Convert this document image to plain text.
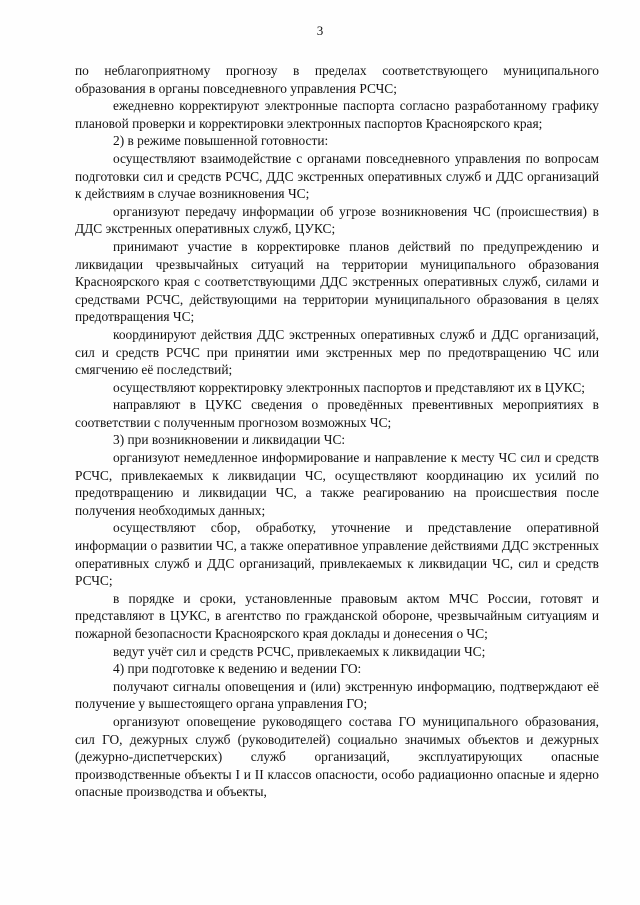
3

по неблагоприятному прогнозу в пределах соответствующего муниципального образования в органы повседневного управления РСЧС;

ежедневно корректируют электронные паспорта согласно разработанному графику плановой проверки и корректировки электронных паспортов Красноярского края;

2) в режиме повышенной готовности:

осуществляют взаимодействие с органами повседневного управления по вопросам подготовки сил и средств РСЧС, ДДС экстренных оперативных служб и ДДС организаций к действиям в случае возникновения ЧС;

организуют передачу информации об угрозе возникновения ЧС (происшествия) в ДДС экстренных оперативных служб, ЦУКС;

принимают участие в корректировке планов действий по предупреждению и ликвидации чрезвычайных ситуаций на территории муниципального образования Красноярского края с соответствующими ДДС экстренных оперативных служб, силами и средствами РСЧС, действующими на территории муниципального образования в целях предотвращения ЧС;

координируют действия ДДС экстренных оперативных служб и ДДС организаций, сил и средств РСЧС при принятии ими экстренных мер по предотвращению ЧС или смягчению её последствий;

осуществляют корректировку электронных паспортов и представляют их в ЦУКС;

направляют в ЦУКС сведения о проведённых превентивных мероприятиях в соответствии с полученным прогнозом возможных ЧС;

3) при возникновении и ликвидации ЧС:

организуют немедленное информирование и направление к месту ЧС сил и средств РСЧС, привлекаемых к ликвидации ЧС, осуществляют координацию их усилий по предотвращению и ликвидации ЧС, а также реагированию на происшествия после получения необходимых данных;

осуществляют сбор, обработку, уточнение и представление оперативной информации о развитии ЧС, а также оперативное управление действиями ДДС экстренных оперативных служб и ДДС организаций, привлекаемых к ликвидации ЧС, сил и средств РСЧС;

в порядке и сроки, установленные правовым актом МЧС России, готовят и представляют в ЦУКС, в агентство по гражданской обороне, чрезвычайным ситуациям и пожарной безопасности Красноярского края доклады и донесения о ЧС;

ведут учёт сил и средств РСЧС, привлекаемых к ликвидации ЧС;

4) при подготовке к ведению и ведении ГО:

получают сигналы оповещения и (или) экстренную информацию, подтверждают её получение у вышестоящего органа управления ГО;

организуют оповещение руководящего состава ГО муниципального образования, сил ГО, дежурных служб (руководителей) социально значимых объектов и дежурных (дежурно-диспетчерских) служб организаций, эксплуатирующих опасные производственные объекты I и II классов опасности, особо радиационно опасные и ядерно опасные производства и объекты,
